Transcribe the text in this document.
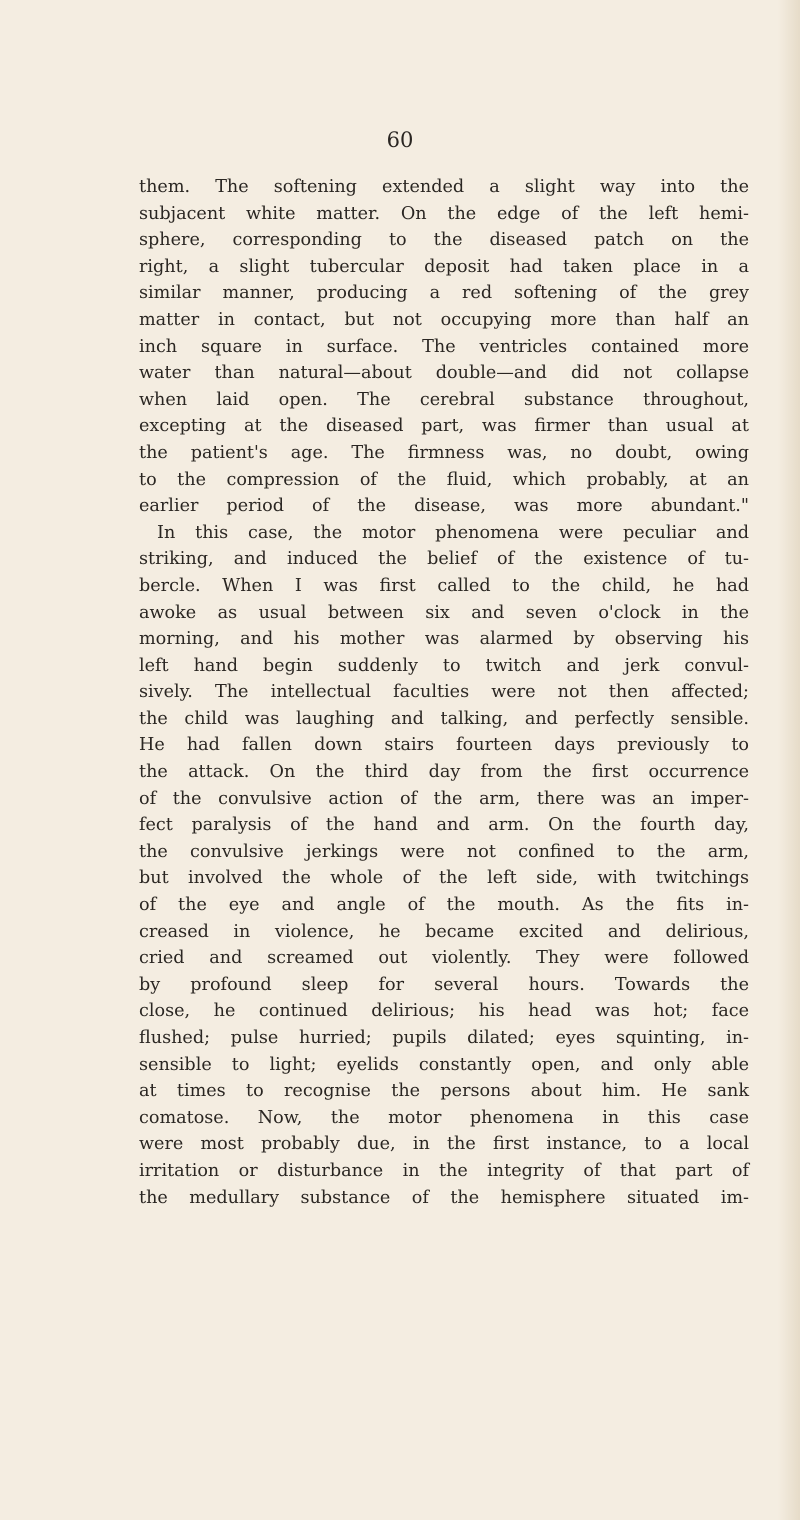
60
them. The softening extended a slight way into the
subjacent white matter. On the edge of the left hemi-
sphere, corresponding to the diseased patch on the
right, a slight tubercular deposit had taken place in a
similar manner, producing a red softening of the grey
matter in contact, but not occupying more than half an
inch square in surface. The ventricles contained more
water than natural—about double—and did not collapse
when laid open. The cerebral substance throughout,
excepting at the diseased part, was firmer than usual at
the patient's age. The firmness was, no doubt, owing
to the compression of the fluid, which probably, at an
earlier period of the disease, was more abundant."
In this case, the motor phenomena were peculiar and
striking, and induced the belief of the existence of tu-
bercle. When I was first called to the child, he had
awoke as usual between six and seven o'clock in the
morning, and his mother was alarmed by observing his
left hand begin suddenly to twitch and jerk convul-
sively. The intellectual faculties were not then affected;
the child was laughing and talking, and perfectly sensible.
He had fallen down stairs fourteen days previously to
the attack. On the third day from the first occurrence
of the convulsive action of the arm, there was an imper-
fect paralysis of the hand and arm. On the fourth day,
the convulsive jerkings were not confined to the arm,
but involved the whole of the left side, with twitchings
of the eye and angle of the mouth. As the fits in-
creased in violence, he became excited and delirious,
cried and screamed out violently. They were followed
by profound sleep for several hours. Towards the
close, he continued delirious; his head was hot; face
flushed; pulse hurried; pupils dilated; eyes squinting, in-
sensible to light; eyelids constantly open, and only able
at times to recognise the persons about him. He sank
comatose. Now, the motor phenomena in this case
were most probably due, in the first instance, to a local
irritation or disturbance in the integrity of that part of
the medullary substance of the hemisphere situated im-
